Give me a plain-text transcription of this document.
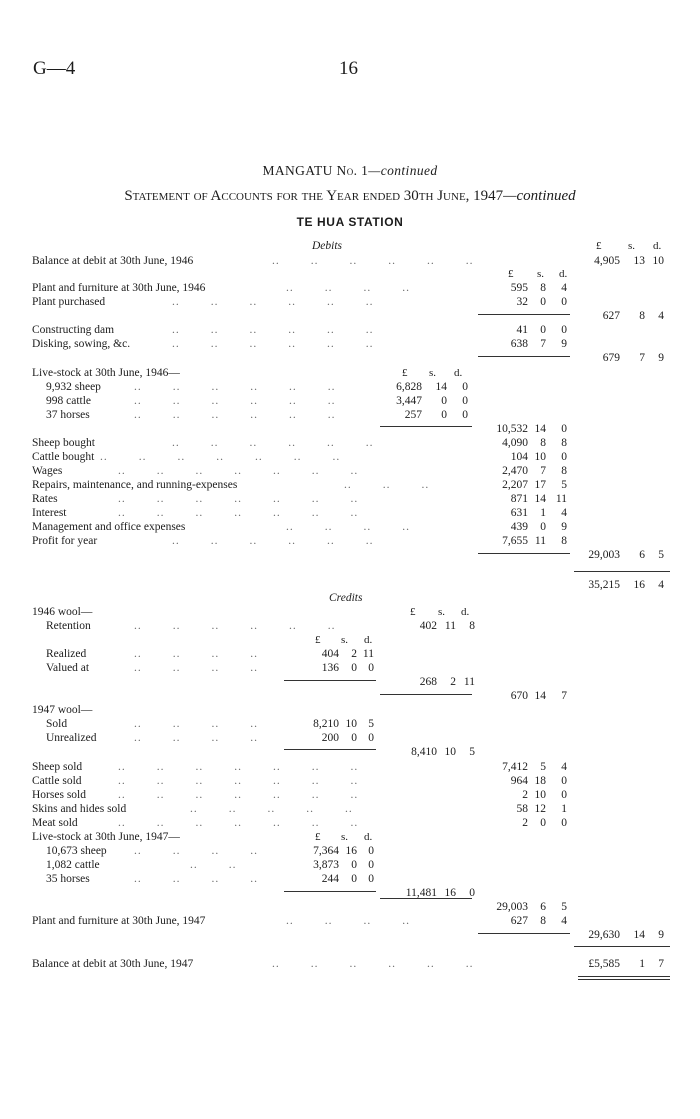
G—4	16
MANGATU No. 1—continued
Statement of Accounts for the Year ended 30th June, 1947—continued
TE HUA STATION
Debits	£ s. d.
Balance at debit at 30th June, 1946	..        ..        ..        ..        ..        ..	4,905 13 10
£ s. d.
Plant and furniture at 30th June, 1946	..        ..        ..        ..	595 8 4
Plant purchased	..        ..        ..        ..        ..        ..	32 0 0
627 8 4
Constructing dam	..        ..        ..        ..        ..        ..	41 0 0
Disking, sowing, &c.	..        ..        ..        ..        ..        ..	638 7 9
679 7 9
Live-stock at 30th June, 1946—	£ s. d.
9,932 sheep	..        ..        ..        ..        ..        ..	6,828 14 0
998 cattle	..        ..        ..        ..        ..        ..	3,447 0 0
37 horses	..        ..        ..        ..        ..        ..	257 0 0
10,532 14 0
Sheep bought	..        ..        ..        ..        ..        ..	4,090 8 8
Cattle bought ..        ..        ..        ..        ..        ..        ..	104 10 0
Wages	..        ..        ..        ..        ..        ..        ..	2,470 7 8
Repairs, maintenance, and running-expenses	..        ..        ..	2,207 17 5
Rates	..        ..        ..        ..        ..        ..        ..	871 14 11
Interest	..        ..        ..        ..        ..        ..        ..	631 1 4
Management and office expenses	..        ..        ..        ..	439 0 9
Profit for year	..        ..        ..        ..        ..        ..	7,655 11 8
29,003 6 5
35,215 16 4
Credits
1946 wool—	£ s. d.
Retention	..        ..        ..        ..        ..        ..	402 11 8
£ s. d.
Realized	..        ..        ..        ..	404 2 11
Valued at	..        ..        ..        ..	136 0 0
268 2 11
670 14 7
1947 wool—
Sold	..        ..        ..        ..	8,210 10 5
Unrealized	..        ..        ..        ..	200 0 0
8,410 10 5
Sheep sold	..        ..        ..        ..        ..        ..        ..	7,412 5 4
Cattle sold	..        ..        ..        ..        ..        ..        ..	964 18 0
Horses sold	..        ..        ..        ..        ..        ..        ..	2 10 0
Skins and hides sold	..        ..        ..        ..        ..	58 12 1
Meat sold	..        ..        ..        ..        ..        ..        ..	2 0 0
Live-stock at 30th June, 1947—	£ s. d.
10,673 sheep ..        ..        ..        ..	7,364 16 0
1,082 cattle	..        ..	3,873 0 0
35 horses	..        ..        ..        ..	244 0 0
11,481 16 0
29,003 6 5
Plant and furniture at 30th June, 1947	..        ..        ..        ..	627 8 4
29,630 14 9
Balance at debit at 30th June, 1947	..        ..        ..        ..        ..        ..	£5,585 1 7
